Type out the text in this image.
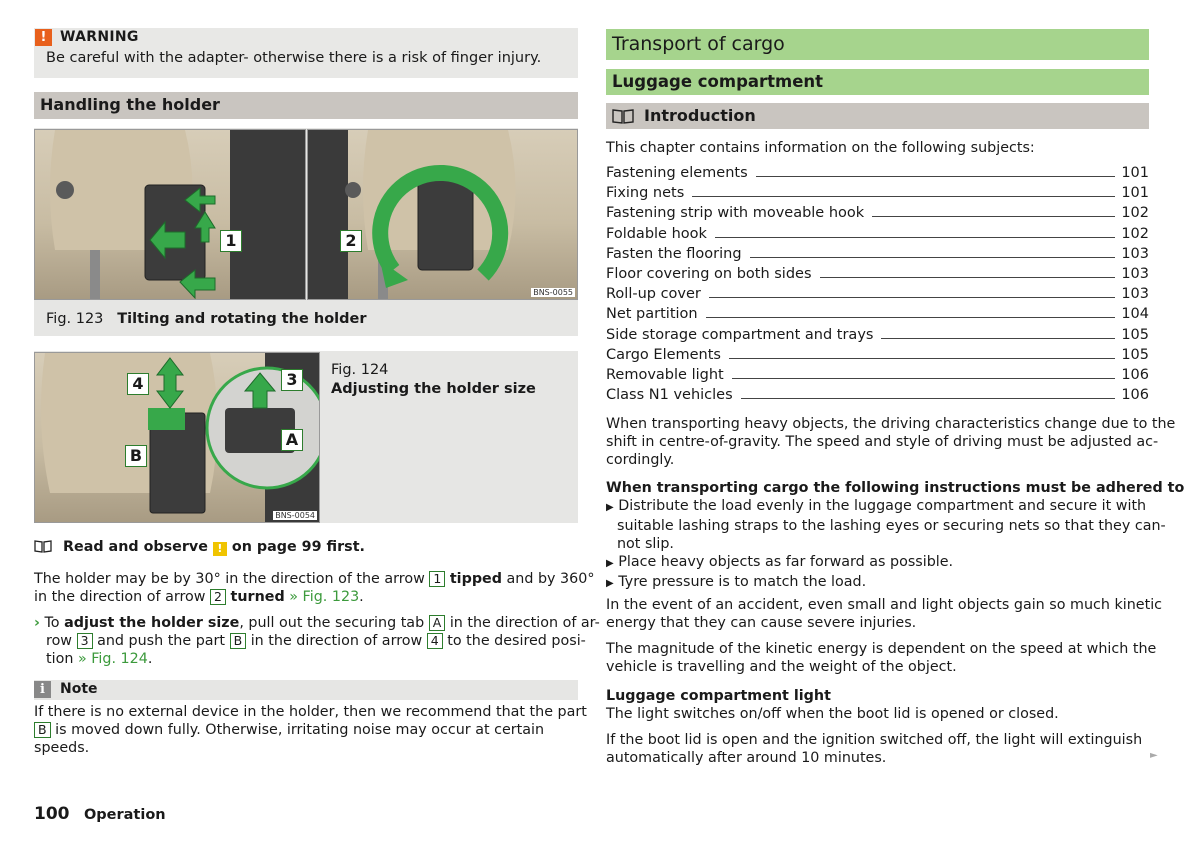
! WARNING
Be careful with the adapter- otherwise there is a risk of finger injury.
Handling the holder
1	2
BNS-0055
Fig. 123 Tilting and rotating the holder
4	3
B
A
BNS-0054
Fig. 124
Adjusting the holder size
Read and observe ! on page 99 first.
The holder may be by 30° in the direction of the arrow 1 tipped and by 360°
in the direction of arrow 2 turned » Fig. 123.
› To adjust the holder size, pull out the securing tab A in the direction of ar-
row 3 and push the part B in the direction of arrow 4 to the desired posi-
tion » Fig. 124.
i	Note
If there is no external device in the holder, then we recommend that the part
B is moved down fully. Otherwise, irritating noise may occur at certain
speeds.
100 Operation
Transport of cargo
Luggage compartment
Introduction
This chapter contains information on the following subjects:
Fastening elements	101
Fixing nets	101
Fastening strip with moveable hook	102
Foldable hook	102
Fasten the flooring	103
Floor covering on both sides	103
Roll-up cover	103
Net partition	104
Side storage compartment and trays	105
Cargo Elements	105
Removable light	106
Class N1 vehicles	106
When transporting heavy objects, the driving characteristics change due to the
shift in centre-of-gravity. The speed and style of driving must be adjusted ac-
cordingly.
When transporting cargo the following instructions must be adhered to
▶ Distribute the load evenly in the luggage compartment and secure it with
suitable lashing straps to the lashing eyes or securing nets so that they can-
not slip.
▶ Place heavy objects as far forward as possible.
▶ Tyre pressure is to match the load.
In the event of an accident, even small and light objects gain so much kinetic
energy that they can cause severe injuries.
The magnitude of the kinetic energy is dependent on the speed at which the
vehicle is travelling and the weight of the object.
Luggage compartment light
The light switches on/off when the boot lid is opened or closed.
If the boot lid is open and the ignition switched off, the light will extinguish
automatically after around 10 minutes.	►
